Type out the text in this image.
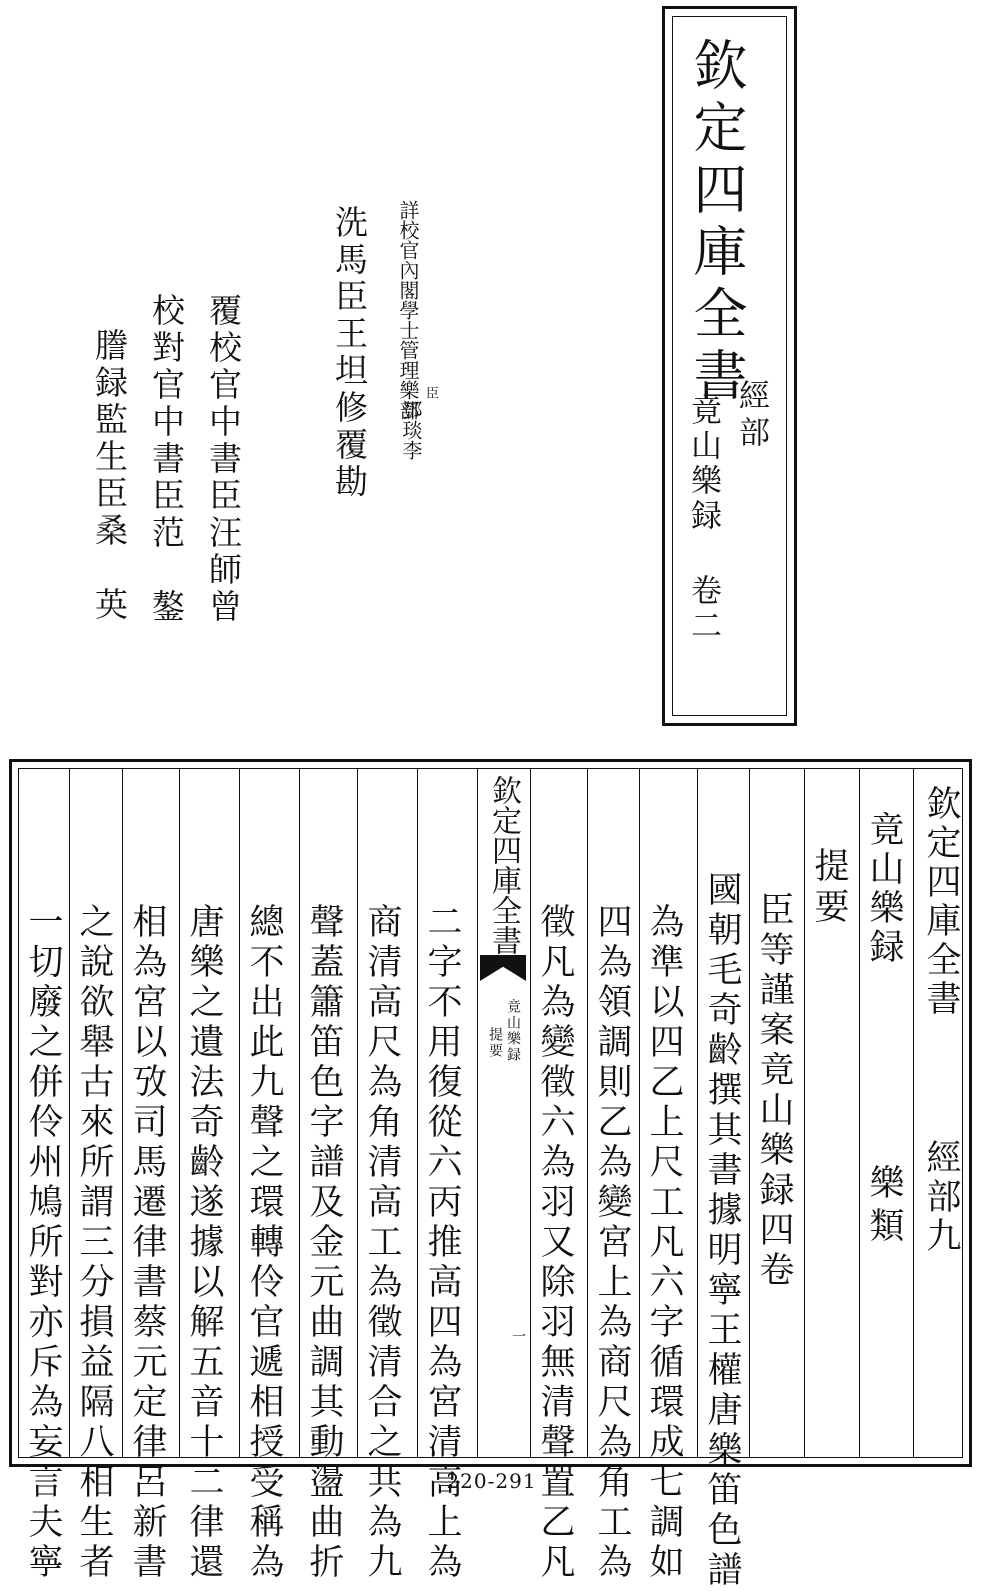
欽定四庫全書
經部
竟山樂録 卷二
詳校官內閣學士管理樂部 臣
鄧琰李
洗馬臣王坦修覆勘
覆校官中書臣汪師曾
校對官中書臣范　鏊
謄録監生臣桑　英
欽定四庫全書
竟山樂録
提要
一
欽定四庫全書
經部九
竟山樂録
樂類
提要
臣等謹案竟山樂録四卷
國朝毛奇齡撰其書據明寧王權唐樂笛色譜
為準以四乙上尺工凡六字循環成七調如
四為領調則乙為變宮上為商尺為角工為
徵凡為變徵六為羽又除羽無清聲置乙凡
二字不用復從六丙推高四為宮清高上為
商清高尺為角清高工為徵清合之共為九
聲蓋簫笛色字譜及金元曲調其動盪曲折
總不出此九聲之環轉伶官遞相授受稱為
唐樂之遺法奇齡遂據以解五音十二律還
相為宮以攷司馬遷律書蔡元定律呂新書
之說欲舉古來所謂三分損益隔八相生者
一切廢之併伶州鳩所對亦斥為妄言夫寧	220-291
